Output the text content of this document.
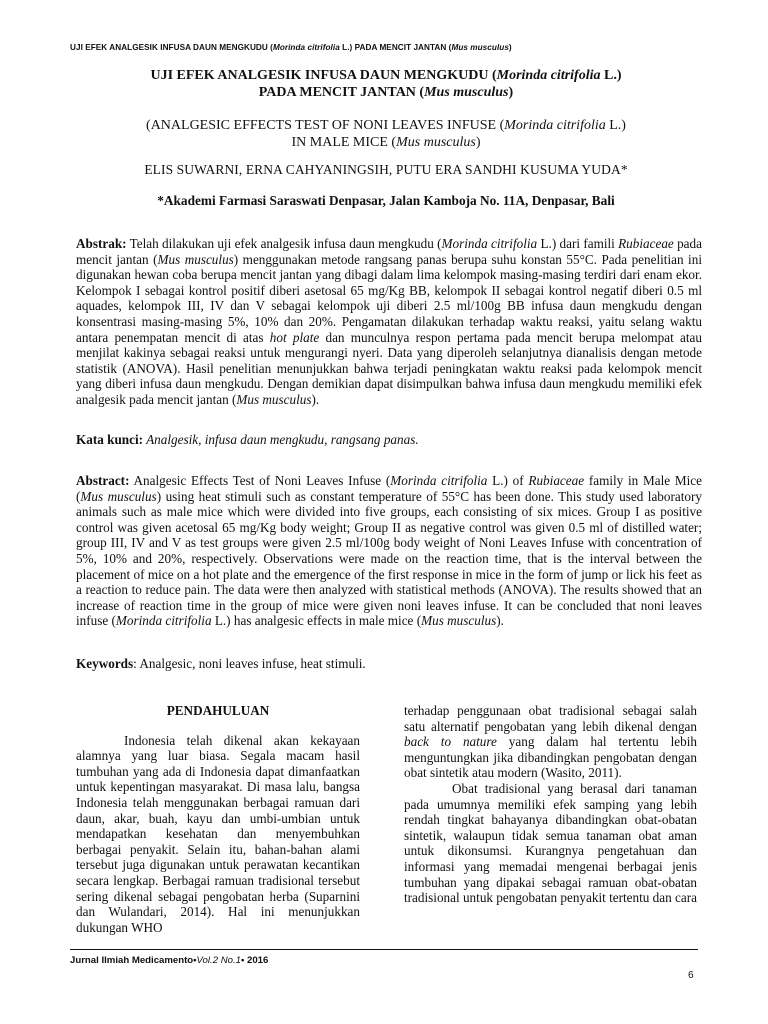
UJI EFEK ANALGESIK INFUSA DAUN MENGKUDU (Morinda citrifolia L.) PADA MENCIT JANTAN (Mus musculus)
UJI EFEK ANALGESIK INFUSA DAUN MENGKUDU (Morinda citrifolia L.)
PADA MENCIT JANTAN (Mus musculus)
(ANALGESIC EFFECTS TEST OF NONI LEAVES INFUSE (Morinda citrifolia L.)
IN MALE MICE (Mus musculus)
ELIS SUWARNI, ERNA CAHYANINGSIH, PUTU ERA SANDHI KUSUMA YUDA*
*Akademi Farmasi Saraswati Denpasar, Jalan Kamboja No. 11A, Denpasar, Bali
Abstrak: Telah dilakukan uji efek analgesik infusa daun mengkudu (Morinda citrifolia L.) dari famili Rubiaceae pada mencit jantan (Mus musculus) menggunakan metode rangsang panas berupa suhu konstan 55°C. Pada penelitian ini digunakan hewan coba berupa mencit jantan yang dibagi dalam lima kelompok masing-masing terdiri dari enam ekor. Kelompok I sebagai kontrol positif diberi asetosal 65 mg/Kg BB, kelompok II sebagai kontrol negatif diberi 0.5 ml aquades, kelompok III, IV dan V sebagai kelompok uji diberi 2.5 ml/100g BB infusa daun mengkudu dengan konsentrasi masing-masing 5%, 10% dan 20%. Pengamatan dilakukan terhadap waktu reaksi, yaitu selang waktu antara penempatan mencit di atas hot plate dan munculnya respon pertama pada mencit berupa melompat atau menjilat kakinya sebagai reaksi untuk mengurangi nyeri. Data yang diperoleh selanjutnya dianalisis dengan metode statistik (ANOVA). Hasil penelitian menunjukkan bahwa terjadi peningkatan waktu reaksi pada kelompok mencit yang diberi infusa daun mengkudu. Dengan demikian dapat disimpulkan bahwa infusa daun mengkudu memiliki efek analgesik pada mencit jantan (Mus musculus).
Kata kunci: Analgesik, infusa daun mengkudu, rangsang panas.
Abstract: Analgesic Effects Test of Noni Leaves Infuse (Morinda citrifolia L.) of Rubiaceae family in Male Mice (Mus musculus) using heat stimuli such as constant temperature of 55°C has been done. This study used laboratory animals such as male mice which were divided into five groups, each consisting of six mices. Group I as positive control was given acetosal 65 mg/Kg body weight; Group II as negative control was given 0.5 ml of distilled water; group III, IV and V as test groups were given 2.5 ml/100g body weight of Noni Leaves Infuse with concentration of 5%, 10% and 20%, respectively. Observations were made on the reaction time, that is the interval between the placement of mice on a hot plate and the emergence of the first response in mice in the form of jump or lick his feet as a reaction to reduce pain. The data were then analyzed with statistical methods (ANOVA). The results showed that an increase of reaction time in the group of mice were given noni leaves infuse. It can be concluded that noni leaves infuse (Morinda citrifolia L.) has analgesic effects in male mice (Mus musculus).
Keywords: Analgesic, noni leaves infuse, heat stimuli.
PENDAHULUAN

Indonesia telah dikenal akan kekayaan alamnya yang luar biasa. Segala macam hasil tumbuhan yang ada di Indonesia dapat dimanfaatkan untuk kepentingan masyarakat. Di masa lalu, bangsa Indonesia telah menggunakan berbagai ramuan dari daun, akar, buah, kayu dan umbi-umbian untuk mendapatkan kesehatan dan menyembuhkan berbagai penyakit. Selain itu, bahan-bahan alami tersebut juga digunakan untuk perawatan kecantikan secara lengkap. Berbagai ramuan tradisional tersebut sering dikenal sebagai pengobatan herba (Suparnini dan Wulandari, 2014). Hal ini menunjukkan dukungan WHO

terhadap penggunaan obat tradisional sebagai salah satu alternatif pengobatan yang lebih dikenal dengan back to nature yang dalam hal tertentu lebih menguntungkan jika dibandingkan pengobatan dengan obat sintetik atau modern (Wasito, 2011).

Obat tradisional yang berasal dari tanaman pada umumnya memiliki efek samping yang lebih rendah tingkat bahayanya dibandingkan obat-obatan sintetik, walaupun tidak semua tanaman obat aman untuk dikonsumsi. Kurangnya pengetahuan dan informasi yang memadai mengenai berbagai jenis tumbuhan yang dipakai sebagai ramuan obat-obatan tradisional untuk pengobatan penyakit tertentu dan cara

Jurnal Ilmiah Medicamento•Vol.2 No.1• 2016
6
